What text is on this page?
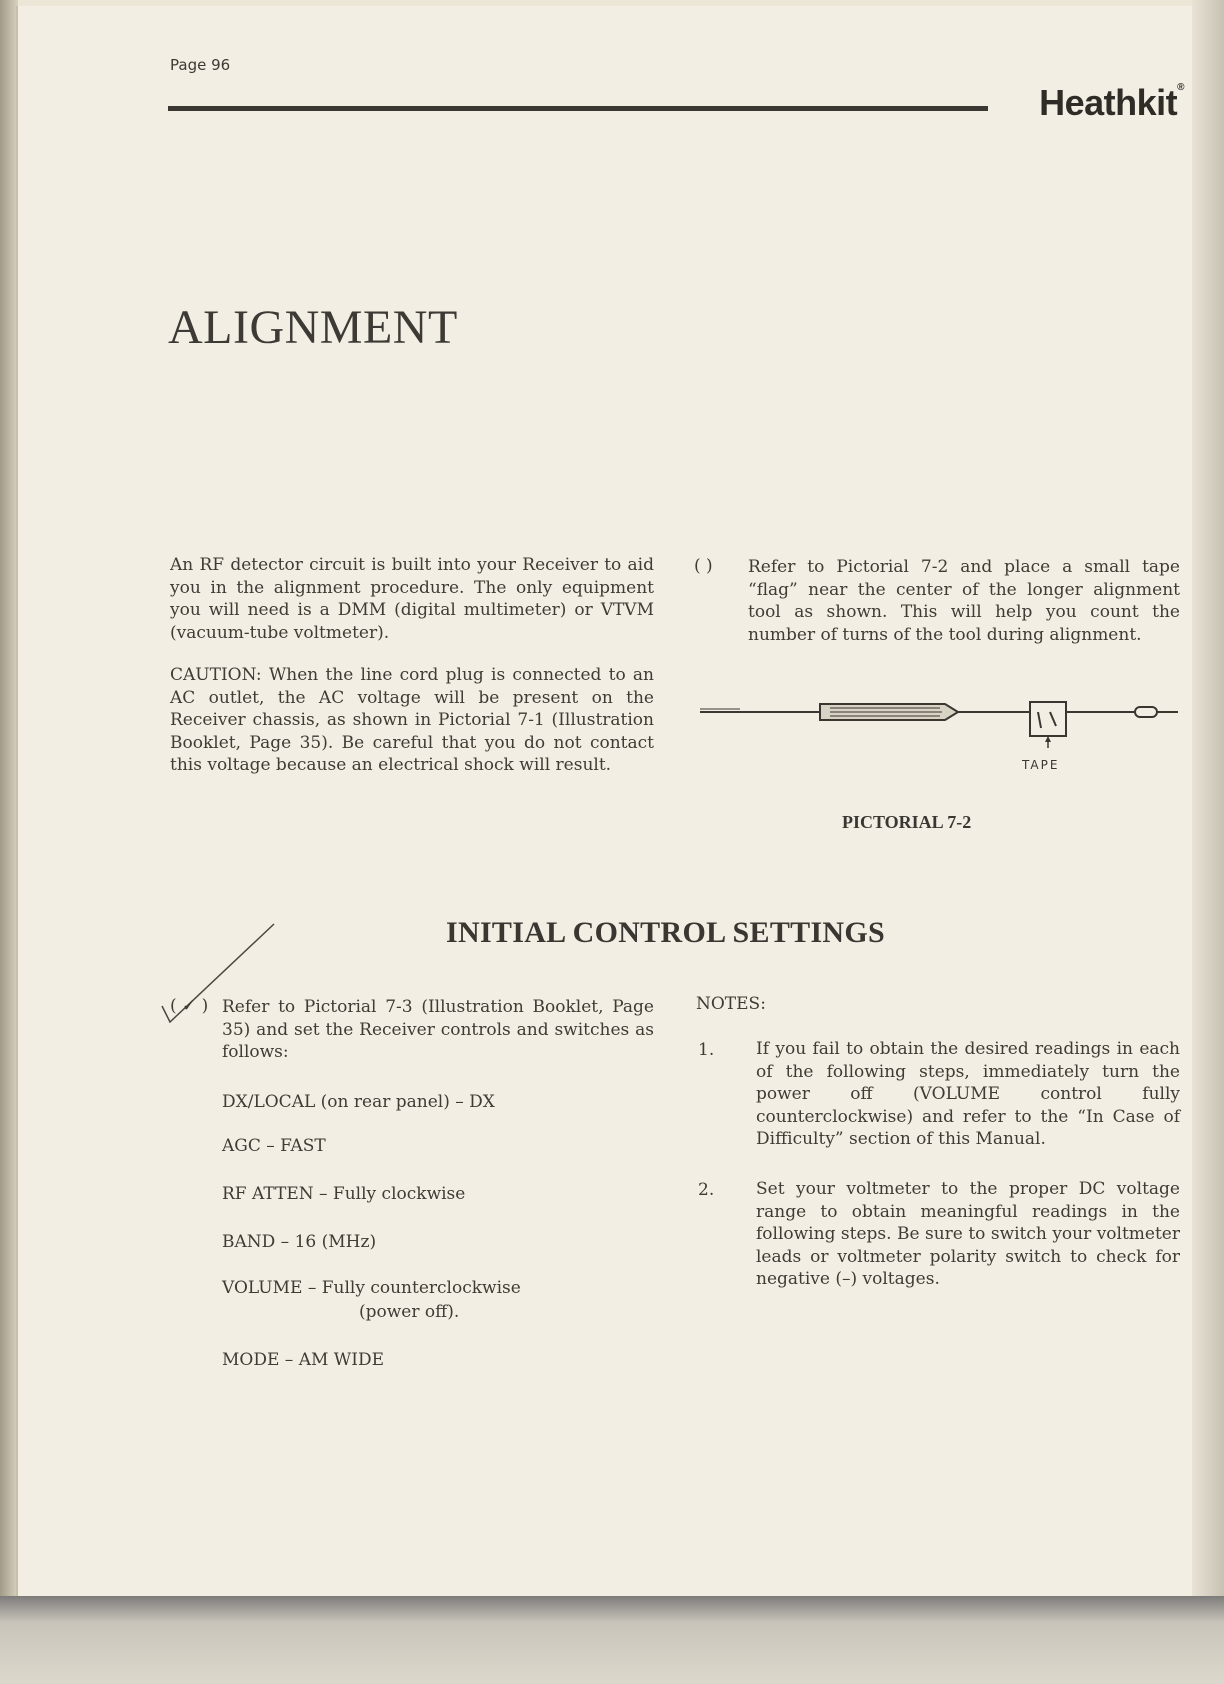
Page 96
Heathkit®
ALIGNMENT

An RF detector circuit is built into your Receiver to aid you in the alignment procedure. The only equipment you will need is a DMM (digital multimeter) or VTVM (vacuum-tube voltmeter).

CAUTION: When the line cord plug is connected to an AC outlet, the AC voltage will be present on the Receiver chassis, as shown in Pictorial 7-1 (Illustration Booklet, Page 35). Be careful that you do not contact this voltage because an electrical shock will result.

( ) Refer to Pictorial 7-2 and place a small tape “flag” near the center of the longer alignment tool as shown. This will help you count the number of turns of the tool during alignment.
TAPE
PICTORIAL 7-2
INITIAL CONTROL SETTINGS
( ✓ ) Refer to Pictorial 7-3 (Illustration Booklet, Page 35) and set the Receiver controls and switches as follows:
DX/LOCAL (on rear panel) – DX
AGC – FAST
RF ATTEN – Fully clockwise
BAND – 16 (MHz)
VOLUME – Fully counterclockwise
(power off).
MODE – AM WIDE
NOTES:
1. If you fail to obtain the desired readings in each of the following steps, immediately turn the power off (VOLUME control fully counterclockwise) and refer to the “In Case of Difficulty” section of this Manual.
2. Set your voltmeter to the proper DC voltage range to obtain meaningful readings in the following steps. Be sure to switch your voltmeter leads or voltmeter polarity switch to check for negative (–) voltages.
